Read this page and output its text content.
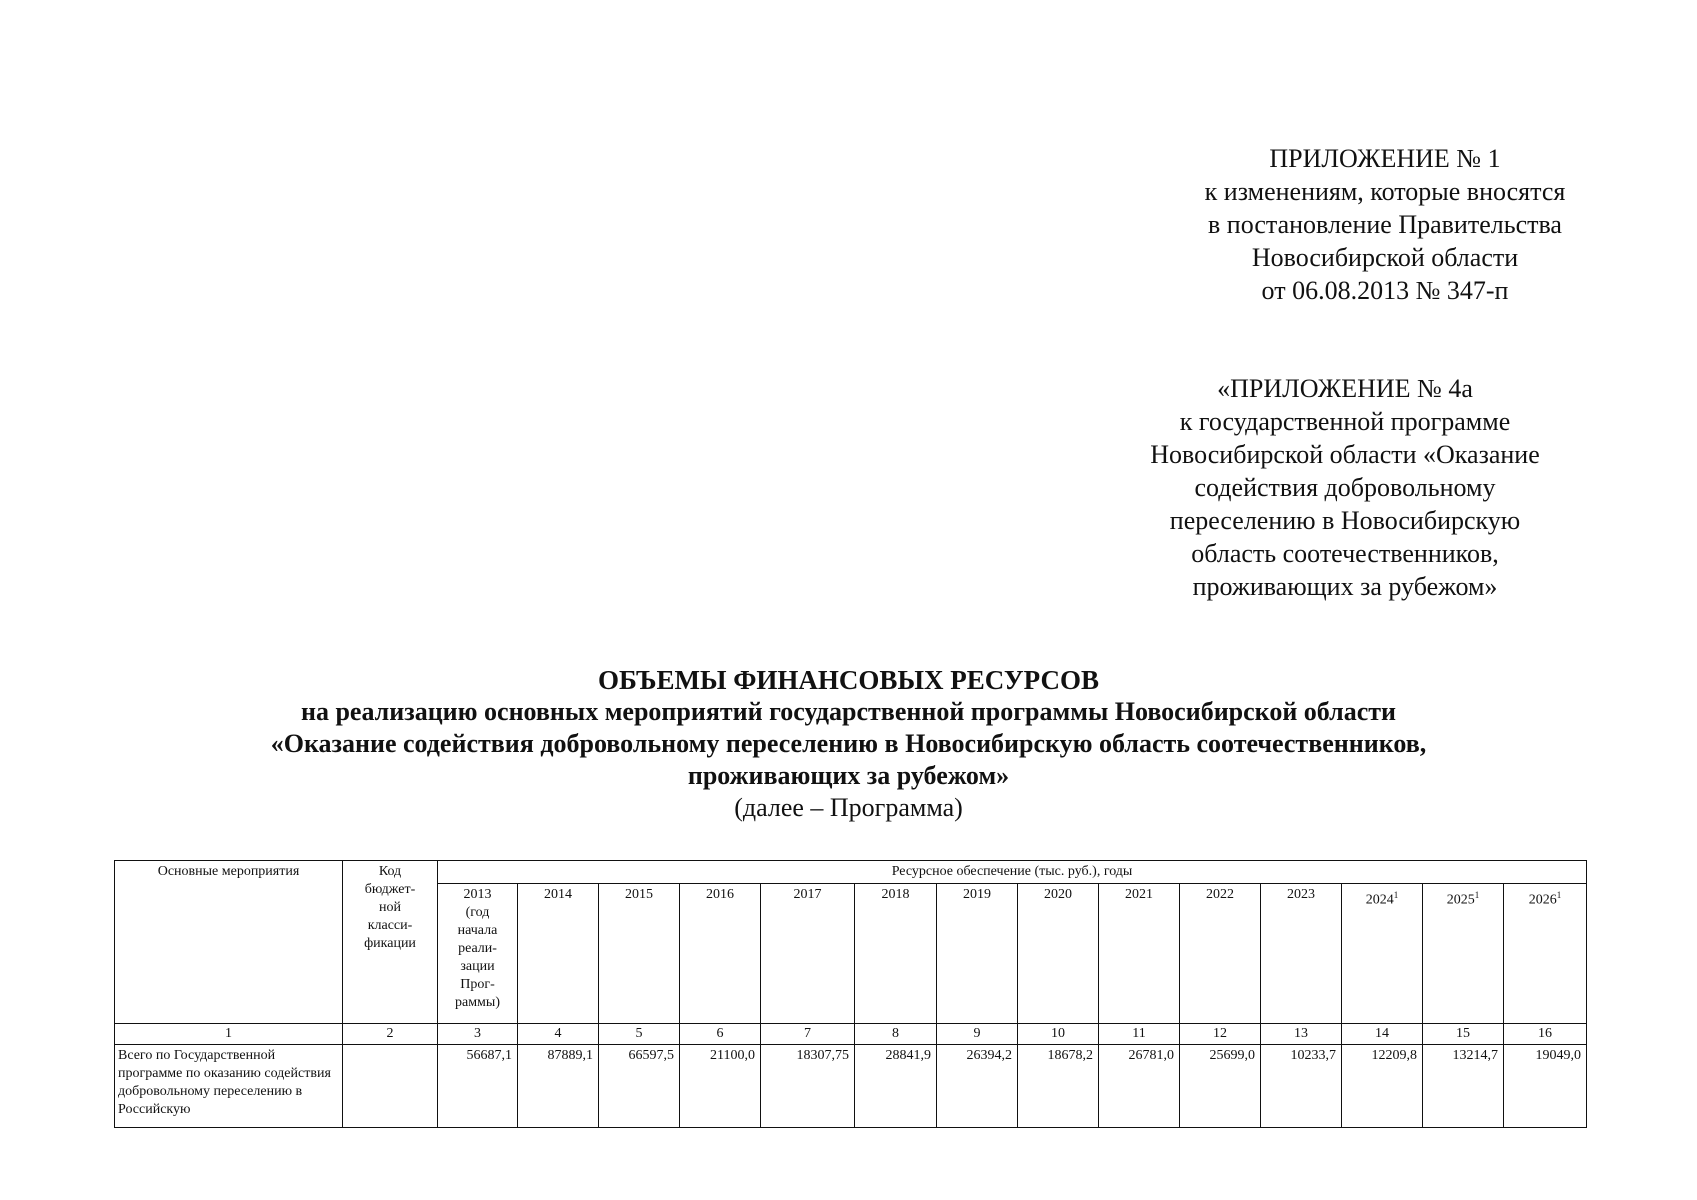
ПРИЛОЖЕНИЕ № 1
к изменениям, которые вносятся
в постановление Правительства
Новосибирской области
от 06.08.2013 № 347-п
«ПРИЛОЖЕНИЕ № 4а
к государственной программе
Новосибирской области «Оказание
содействия добровольному
переселению в Новосибирскую
область соотечественников,
проживающих за рубежом»
ОБЪЕМЫ ФИНАНСОВЫХ РЕСУРСОВ
на реализацию основных мероприятий государственной программы Новосибирской области
«Оказание содействия добровольному переселению в Новосибирскую область соотечественников,
проживающих за рубежом»
(далее – Программа)
Основные мероприятия	Код бюджет-ной класси-фикации	Ресурсное обеспечение (тыс. руб.), годы													
		2013 (год начала реали-зации Прог-раммы)	2014	2015	2016	2017	2018	2019	2020	2021	2022	2023	2024$^1$	2025$^1$	2026$^1$
1	2	3	4	5	6	7	8	9	10	11	12	13	14	15	16
Всего по Государственной программе по оказанию содействия добровольному переселению в Российскую		56687,1	87889,1	66597,5	21100,0	18307,75	28841,9	26394,2	18678,2	26781,0	25699,0	10233,7	12209,8	13214,7	19049,0
